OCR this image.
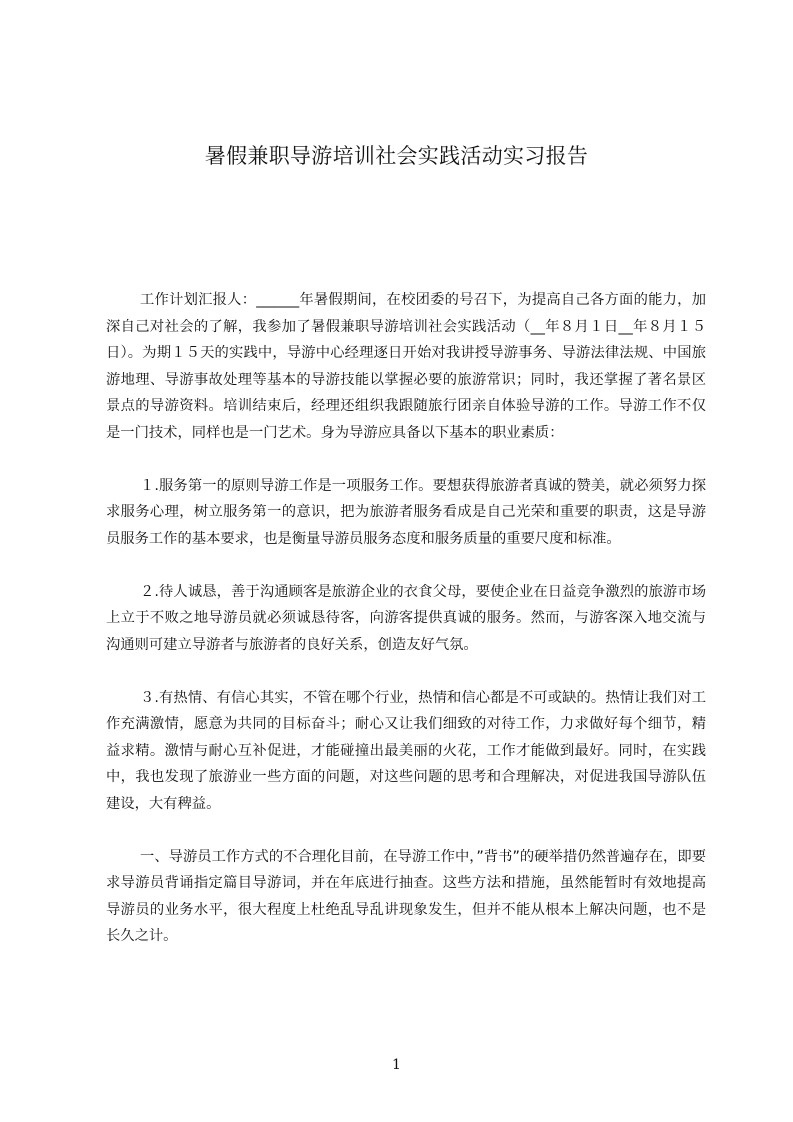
暑假兼职导游培训社会实践活动实习报告

工作计划汇报人：______年暑假期间，在校团委的号召下，为提高自己各方面的能力，加深自己对社会的了解，我参加了暑假兼职导游培训社会实践活动（__年８月１日__年８月１５日）。为期１５天的实践中，导游中心经理逐日开始对我讲授导游事务、导游法律法规、中国旅游地理、导游事故处理等基本的导游技能以掌握必要的旅游常识；同时，我还掌握了著名景区景点的导游资料。培训结束后，经理还组织我跟随旅行团亲自体验导游的工作。导游工作不仅是一门技术，同样也是一门艺术。身为导游应具备以下基本的职业素质：

１.服务第一的原则导游工作是一项服务工作。要想获得旅游者真诚的赞美，就必须努力探求服务心理，树立服务第一的意识，把为旅游者服务看成是自己光荣和重要的职责，这是导游员服务工作的基本要求，也是衡量导游员服务态度和服务质量的重要尺度和标准。

２.待人诚恳，善于沟通顾客是旅游企业的衣食父母，要使企业在日益竞争激烈的旅游市场上立于不败之地导游员就必须诚恳待客，向游客提供真诚的服务。然而，与游客深入地交流与沟通则可建立导游者与旅游者的良好关系，创造友好气氛。

３.有热情、有信心其实，不管在哪个行业，热情和信心都是不可或缺的。热情让我们对工作充满激情，愿意为共同的目标奋斗；耐心又让我们细致的对待工作，力求做好每个细节，精益求精。激情与耐心互补促进，才能碰撞出最美丽的火花，工作才能做到最好。同时，在实践中，我也发现了旅游业一些方面的问题，对这些问题的思考和合理解决，对促进我国导游队伍建设，大有稗益。

一、导游员工作方式的不合理化目前，在导游工作中，”背书”的硬举措仍然普遍存在，即要求导游员背诵指定篇目导游词，并在年底进行抽查。这些方法和措施，虽然能暂时有效地提高导游员的业务水平，很大程度上杜绝乱导乱讲现象发生，但并不能从根本上解决问题，也不是长久之计。

1
